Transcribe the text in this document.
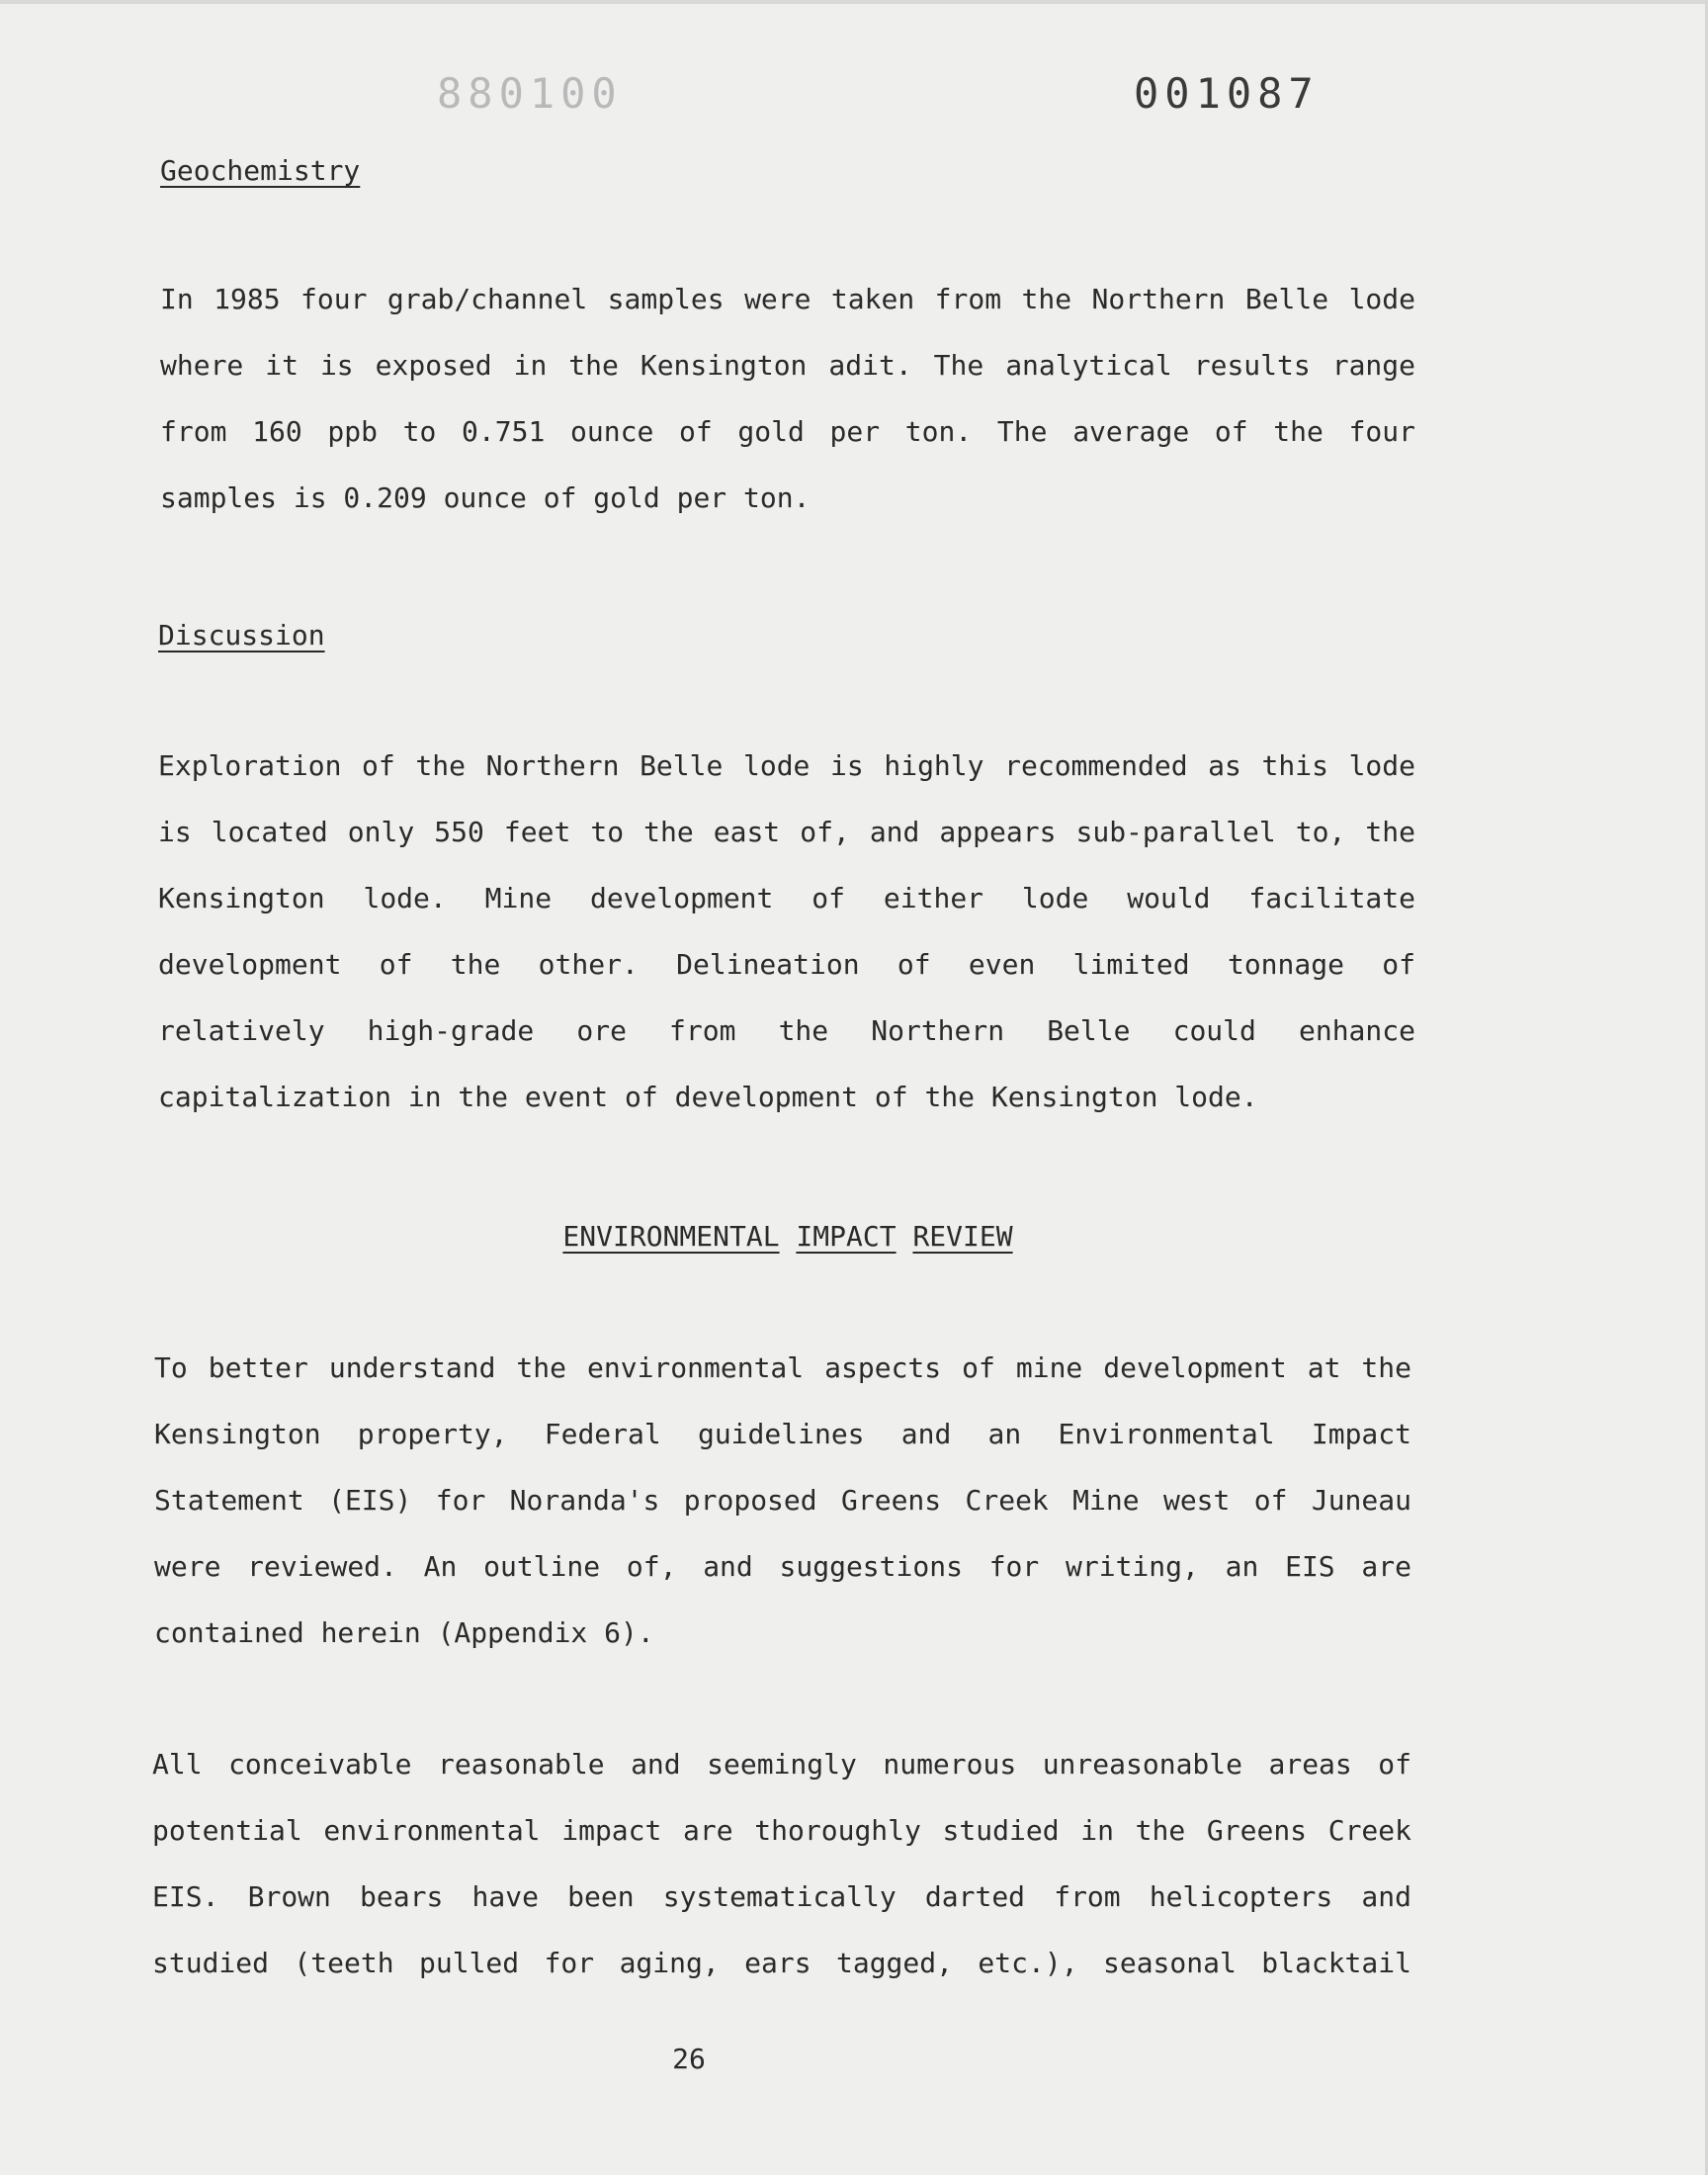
880100	001087
Geochemistry
In 1985 four grab/channel samples were taken from the Northern Belle lode
where it is exposed in the Kensington adit. The analytical results range
from 160 ppb to 0.751 ounce of gold per ton. The average of the four
samples is 0.209 ounce of gold per ton.
Discussion
Exploration of the Northern Belle lode is highly recommended as this lode
is located only 550 feet to the east of, and appears sub-parallel to, the
Kensington lode. Mine development of either lode would facilitate
development of the other. Delineation of even limited tonnage of
relatively high-grade ore from the Northern Belle could enhance
capitalization in the event of development of the Kensington lode.
ENVIRONMENTAL IMPACT REVIEW
To better understand the environmental aspects of mine development at the
Kensington property, Federal guidelines and an Environmental Impact
Statement (EIS) for Noranda's proposed Greens Creek Mine west of Juneau
were reviewed. An outline of, and suggestions for writing, an EIS are
contained herein (Appendix 6).
All conceivable reasonable and seemingly numerous unreasonable areas of
potential environmental impact are thoroughly studied in the Greens Creek
EIS. Brown bears have been systematically darted from helicopters and
studied (teeth pulled for aging, ears tagged, etc.), seasonal blacktail
26
